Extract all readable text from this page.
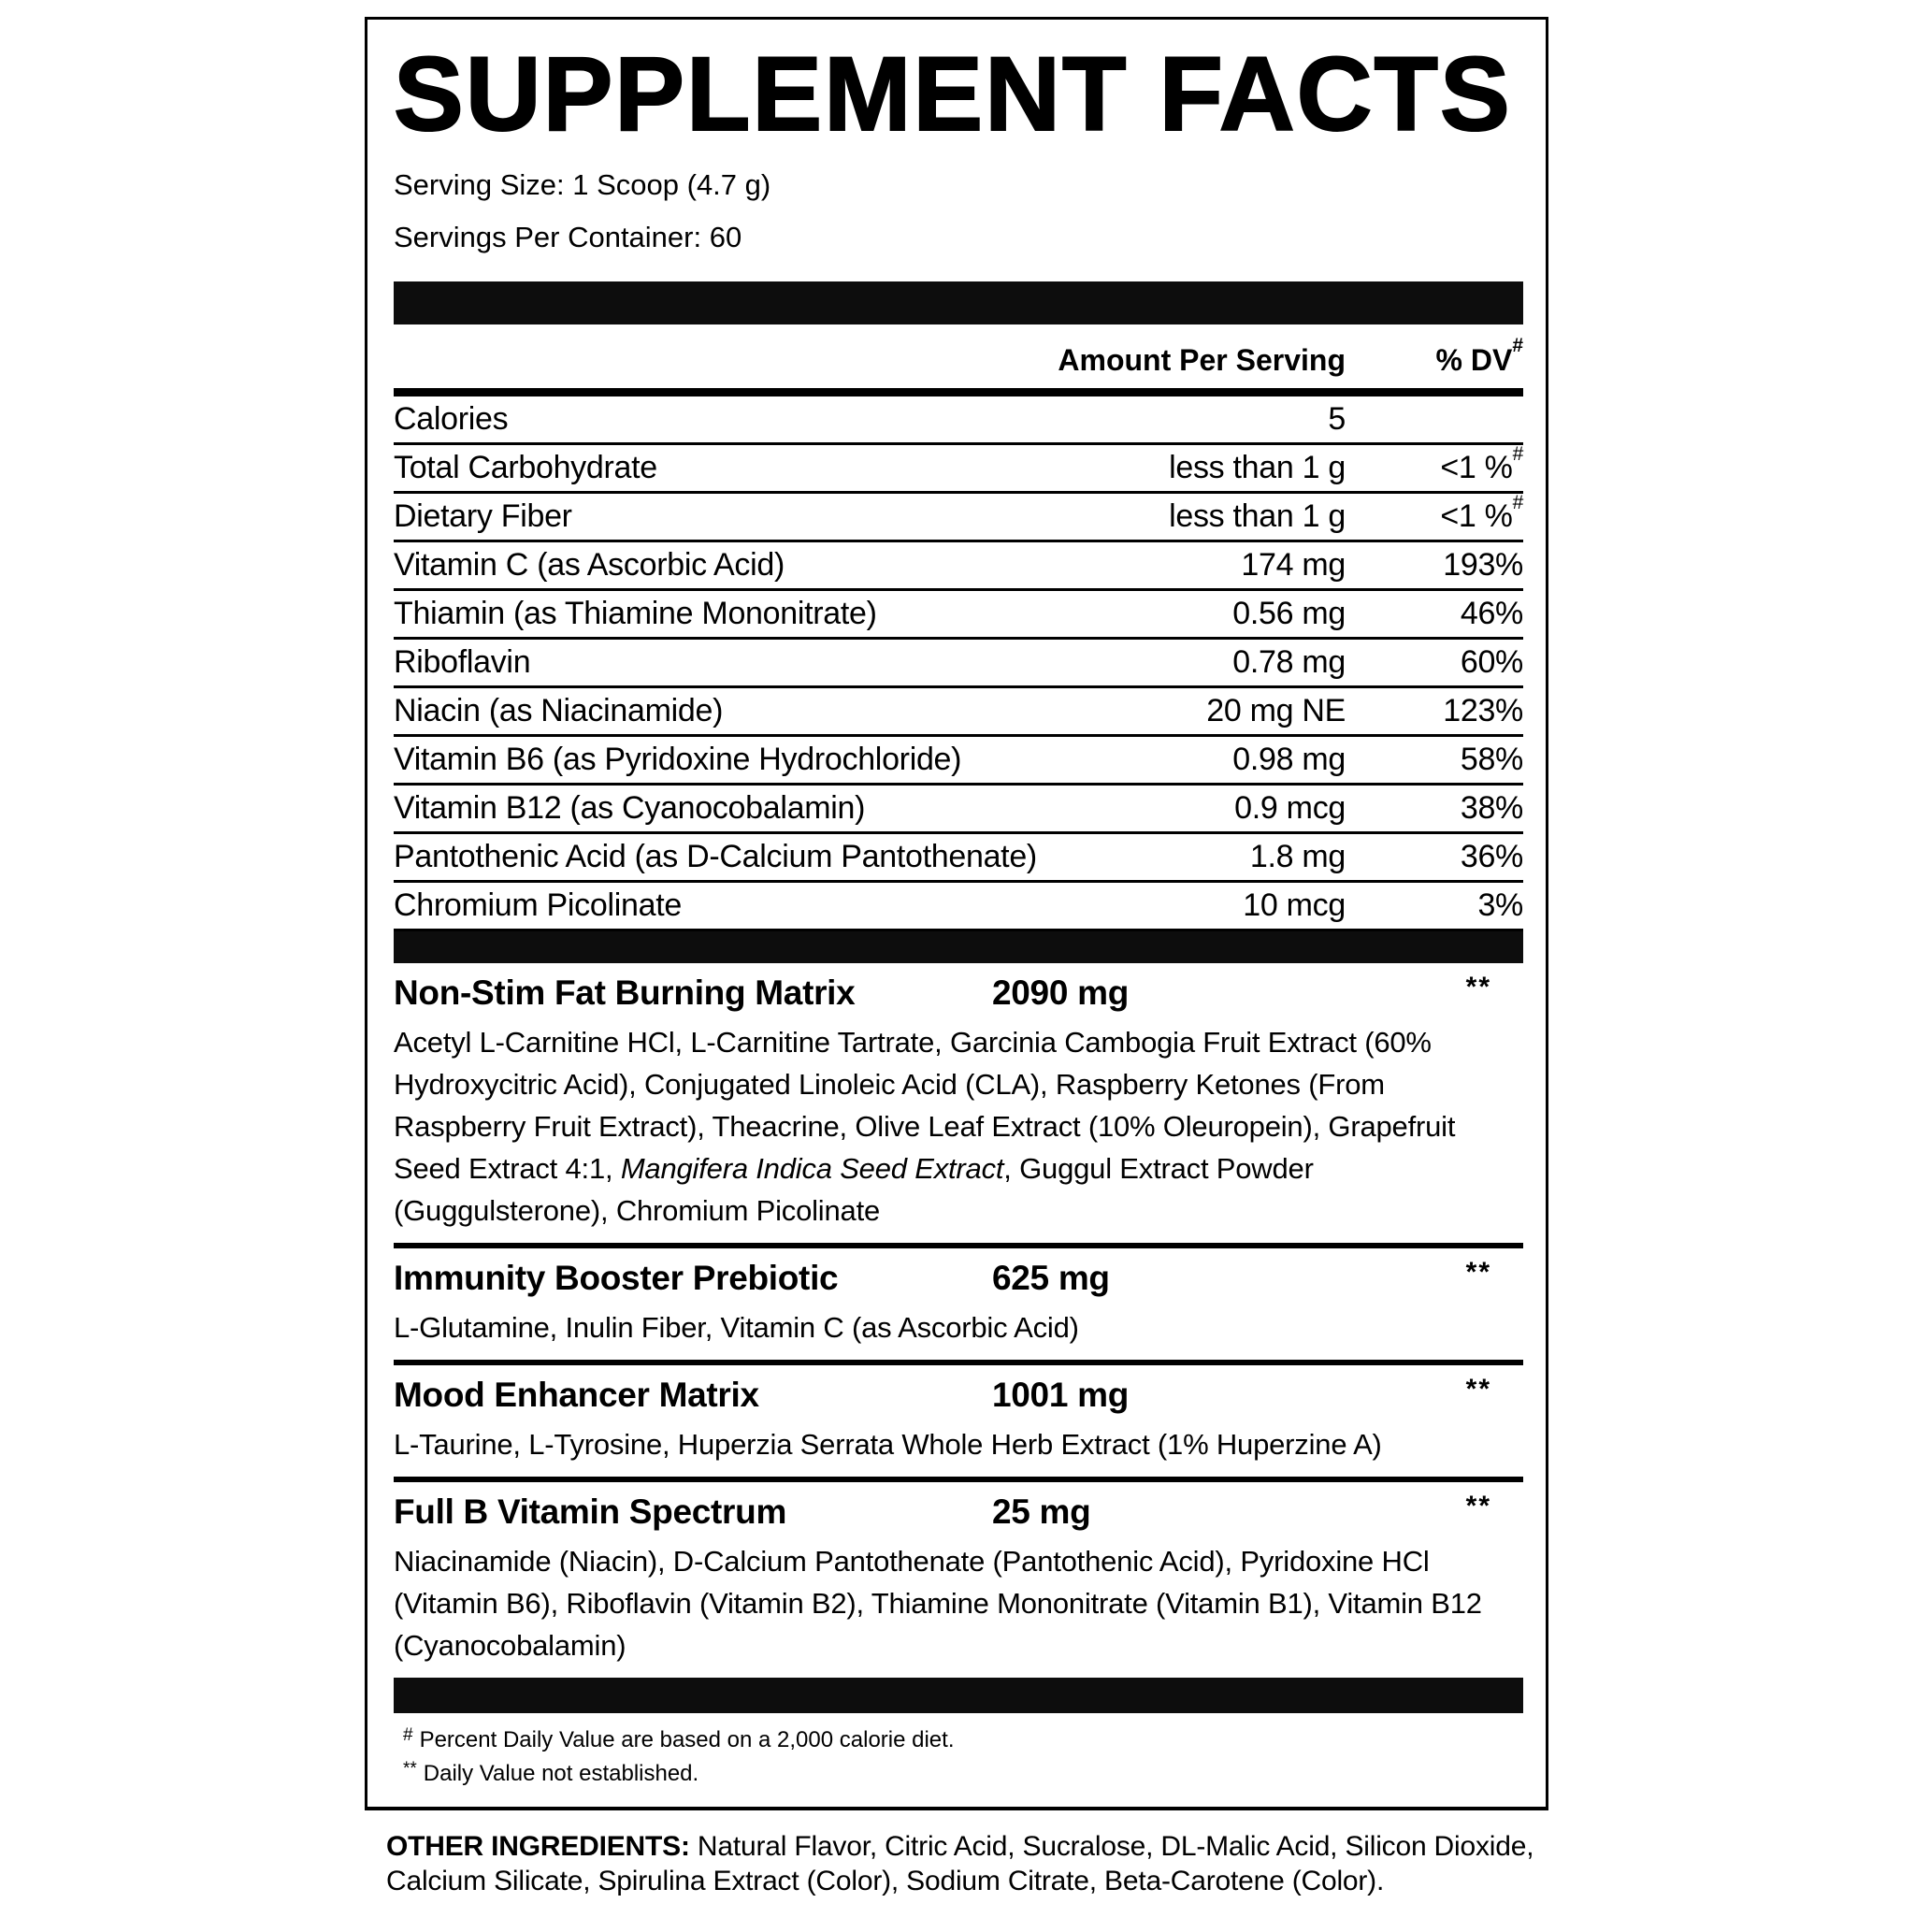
SUPPLEMENT FACTS
Serving Size: 1 Scoop (4.7 g)
Servings Per Container: 60
Amount Per Serving	% DV#
Calories	5
Total Carbohydrate	less than 1 g	<1 %#
Dietary Fiber	less than 1 g	<1 %#
Vitamin C (as Ascorbic Acid)	174 mg	193%
Thiamin (as Thiamine Mononitrate)	0.56 mg	46%
Riboflavin	0.78 mg	60%
Niacin (as Niacinamide)	20 mg NE	123%
Vitamin B6 (as Pyridoxine Hydrochloride)	0.98 mg	58%
Vitamin B12 (as Cyanocobalamin)	0.9 mcg	38%
Pantothenic Acid (as D-Calcium Pantothenate)	1.8 mg	36%
Chromium Picolinate	10 mcg	3%
Non-Stim Fat Burning Matrix	2090 mg	**

Acetyl L-Carnitine HCl, L-Carnitine Tartrate, Garcinia Cambogia Fruit Extract (60% Hydroxycitric Acid), Conjugated Linoleic Acid (CLA), Raspberry Ketones (From Raspberry Fruit Extract), Theacrine, Olive Leaf Extract (10% Oleuropein), Grapefruit Seed Extract 4:1, Mangifera Indica Seed Extract, Guggul Extract Powder (Guggulsterone), Chromium Picolinate

Immunity Booster Prebiotic	625 mg	**

L-Glutamine, Inulin Fiber, Vitamin C (as Ascorbic Acid)

Mood Enhancer Matrix	1001 mg	**

L-Taurine, L-Tyrosine, Huperzia Serrata Whole Herb Extract (1% Huperzine A)

Full B Vitamin Spectrum	25 mg	**

Niacinamide (Niacin), D-Calcium Pantothenate (Pantothenic Acid), Pyridoxine HCl (Vitamin B6), Riboflavin (Vitamin B2), Thiamine Mononitrate (Vitamin B1), Vitamin B12 (Cyanocobalamin)

# Percent Daily Value are based on a 2,000 calorie diet.
** Daily Value not established.

OTHER INGREDIENTS: Natural Flavor, Citric Acid, Sucralose, DL-Malic Acid, Silicon Dioxide, Calcium Silicate, Spirulina Extract (Color), Sodium Citrate, Beta-Carotene (Color).
